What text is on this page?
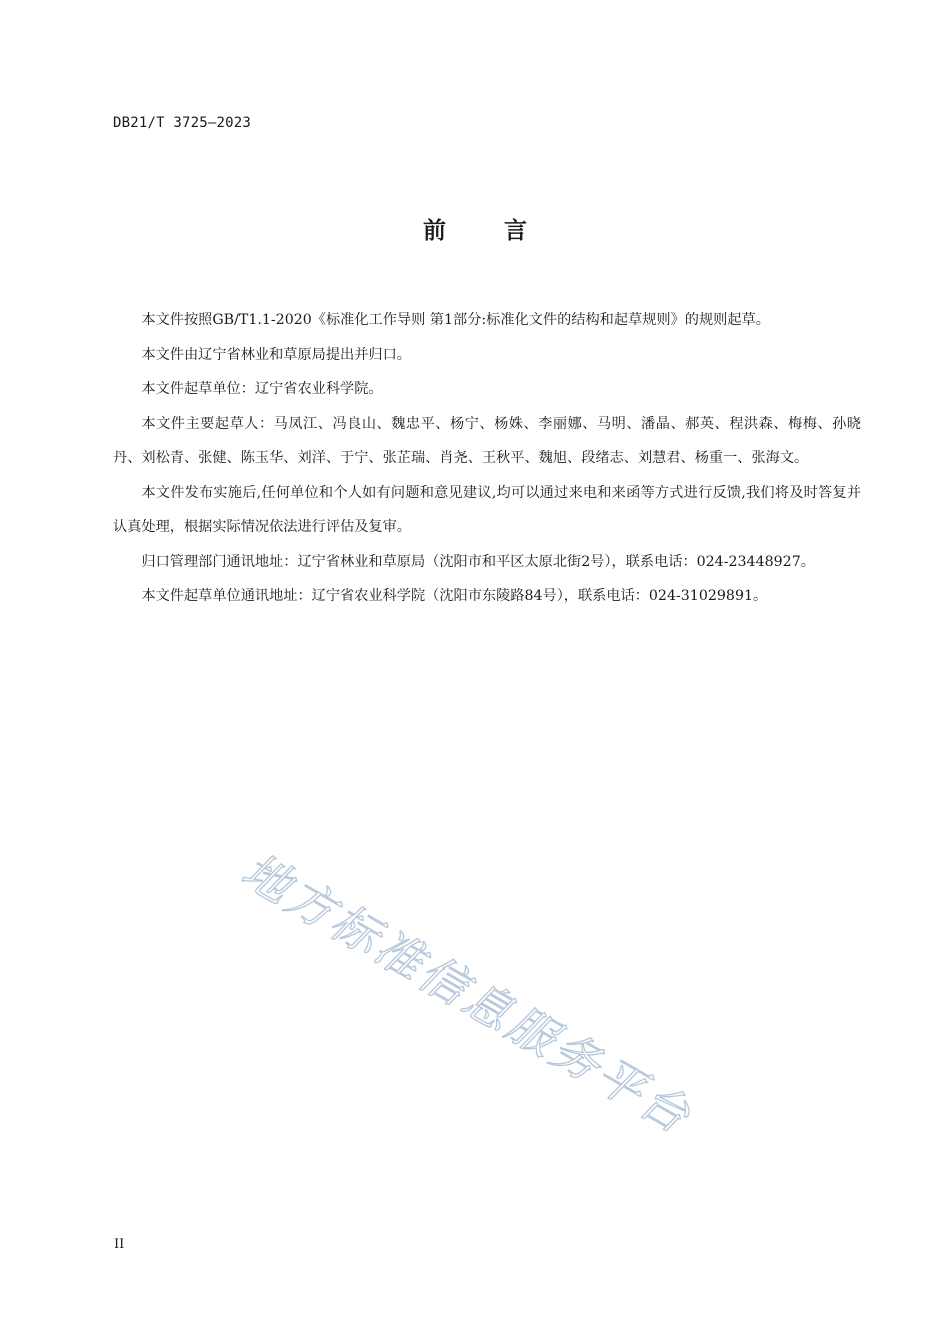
DB21/T 3725—2023
前	言

本文件按照GB/T1.1-2020《标准化工作导则 第1部分:标准化文件的结构和起草规则》的规则起草。

本文件由辽宁省林业和草原局提出并归口。

本文件起草单位：辽宁省农业科学院。

本文件主要起草人：马凤江、冯良山、魏忠平、杨宁、杨姝、李丽娜、马明、潘晶、郝英、程洪森、梅梅、孙晓丹、刘松青、张健、陈玉华、刘洋、于宁、张芷瑞、肖尧、王秋平、魏旭、段绪志、刘慧君、杨重一、张海文。

本文件发布实施后,任何单位和个人如有问题和意见建议,均可以通过来电和来函等方式进行反馈,我们将及时答复并认真处理，根据实际情况依法进行评估及复审。

归口管理部门通讯地址：辽宁省林业和草原局（沈阳市和平区太原北街2号），联系电话：024-23448927。

本文件起草单位通讯地址：辽宁省农业科学院（沈阳市东陵路84号），联系电话：024-31029891。

地方标准信息服务平台
II
